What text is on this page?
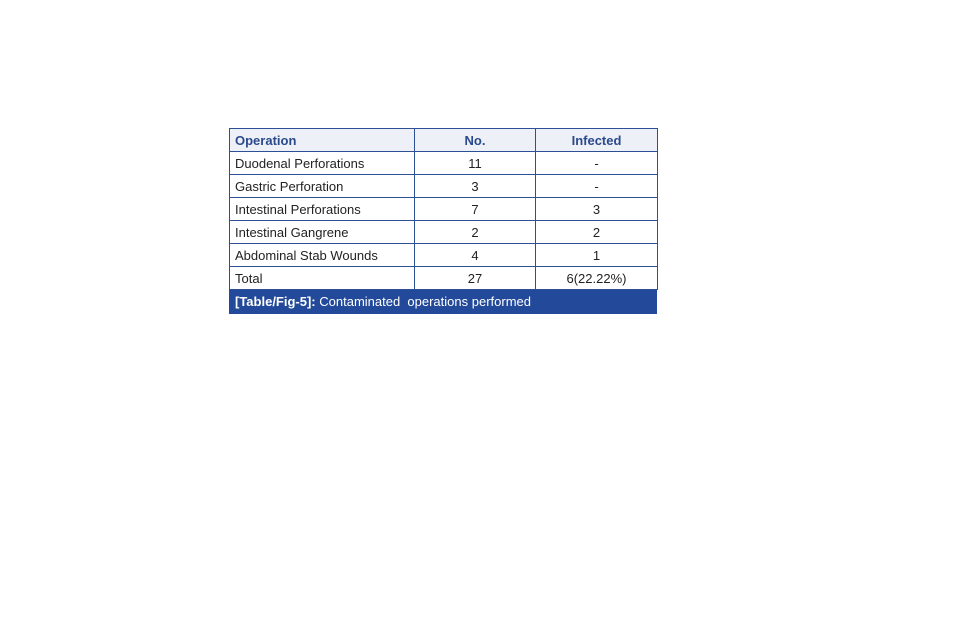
Operation	No.	Infected
Duodenal Perforations	11	-
Gastric Perforation	3	-
Intestinal Perforations	7	3
Intestinal Gangrene	2	2
Abdominal Stab Wounds	4	1
Total	27	6(22.22%)
[Table/Fig-5]: Contaminated  operations performed
